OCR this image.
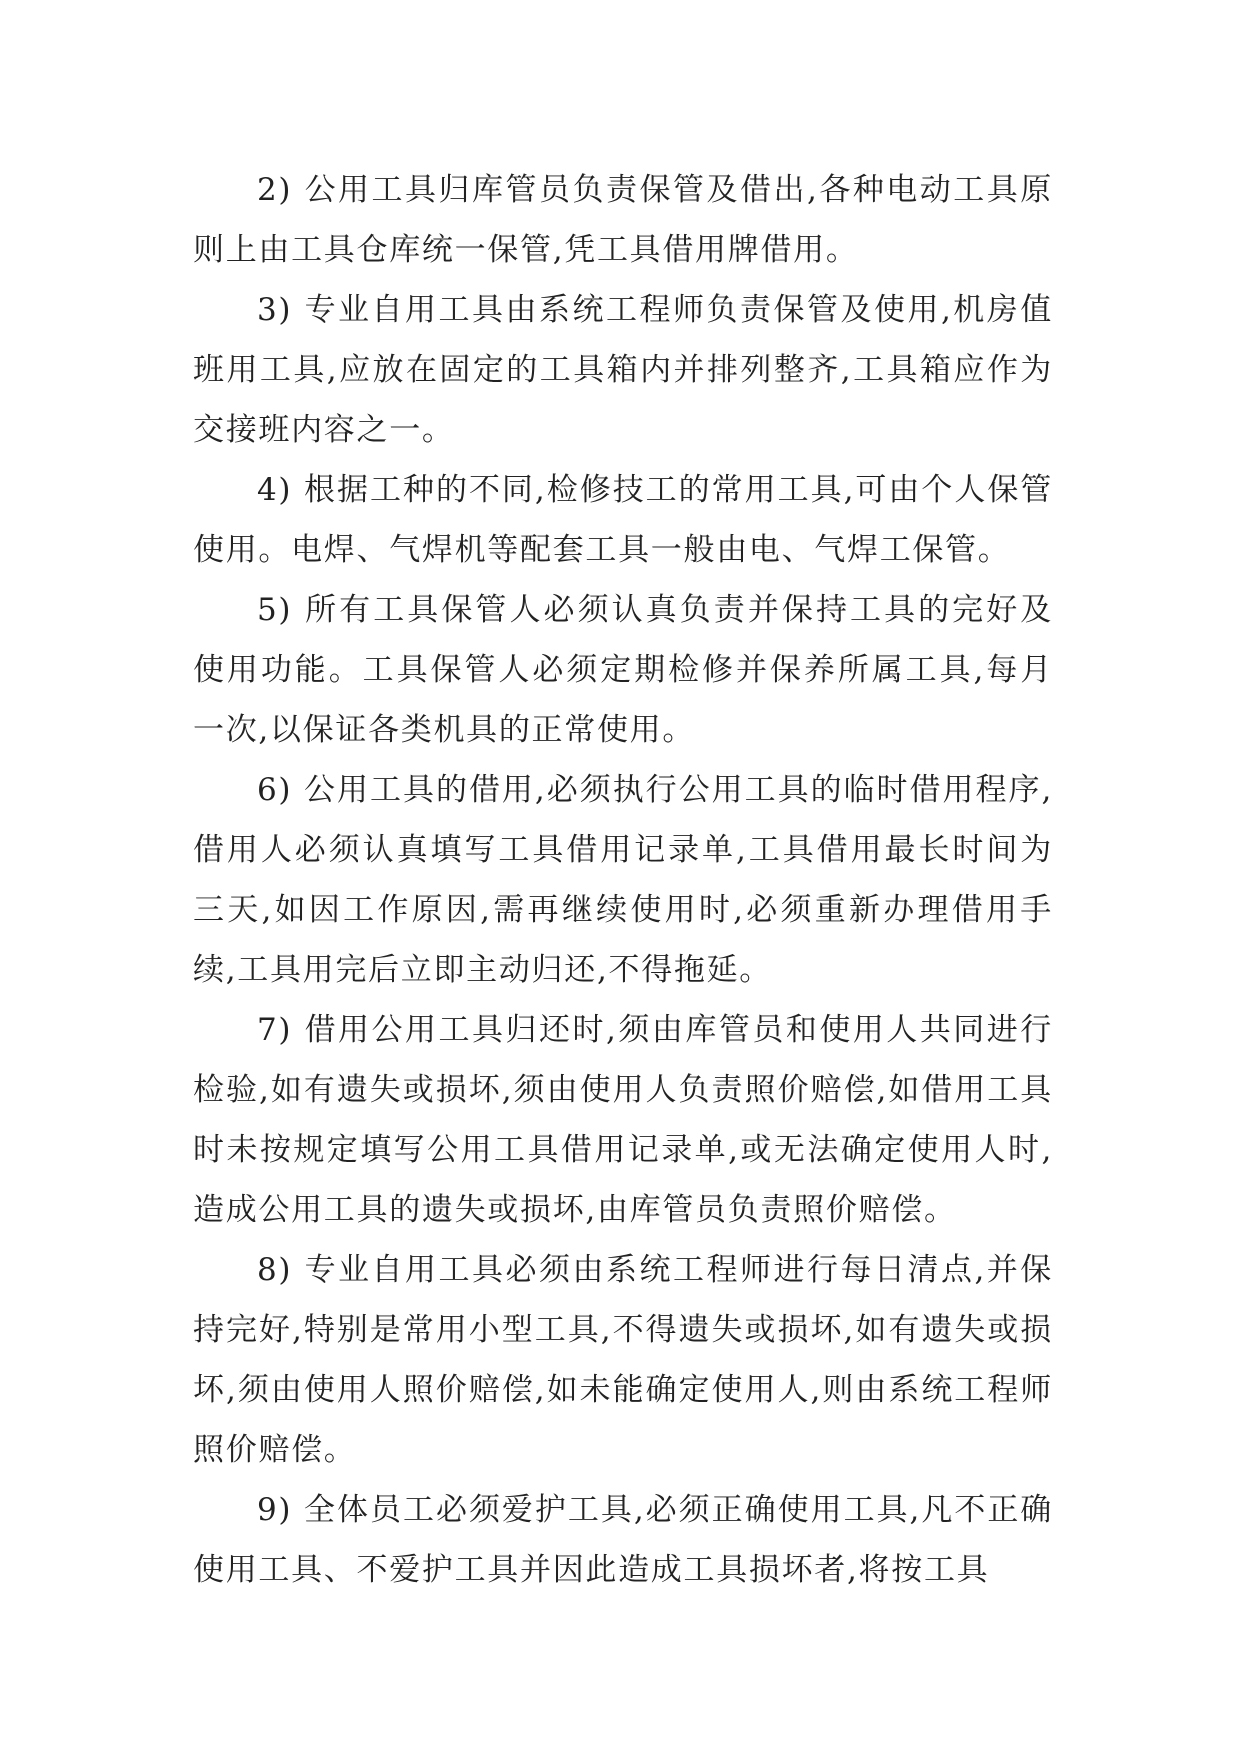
2) 公用工具归库管员负责保管及借出,各种电动工具原则上由工具仓库统一保管,凭工具借用牌借用。

3) 专业自用工具由系统工程师负责保管及使用,机房值班用工具,应放在固定的工具箱内并排列整齐,工具箱应作为交接班内容之一。

4) 根据工种的不同,检修技工的常用工具,可由个人保管使用。电焊、气焊机等配套工具一般由电、气焊工保管。

5) 所有工具保管人必须认真负责并保持工具的完好及使用功能。工具保管人必须定期检修并保养所属工具,每月一次,以保证各类机具的正常使用。

6) 公用工具的借用,必须执行公用工具的临时借用程序,借用人必须认真填写工具借用记录单,工具借用最长时间为三天,如因工作原因,需再继续使用时,必须重新办理借用手续,工具用完后立即主动归还,不得拖延。

7) 借用公用工具归还时,须由库管员和使用人共同进行检验,如有遗失或损坏,须由使用人负责照价赔偿,如借用工具时未按规定填写公用工具借用记录单,或无法确定使用人时,造成公用工具的遗失或损坏,由库管员负责照价赔偿。

8) 专业自用工具必须由系统工程师进行每日清点,并保持完好,特别是常用小型工具,不得遗失或损坏,如有遗失或损坏,须由使用人照价赔偿,如未能确定使用人,则由系统工程师照价赔偿。

9) 全体员工必须爱护工具,必须正确使用工具,凡不正确使用工具、不爱护工具并因此造成工具损坏者,将按工具
